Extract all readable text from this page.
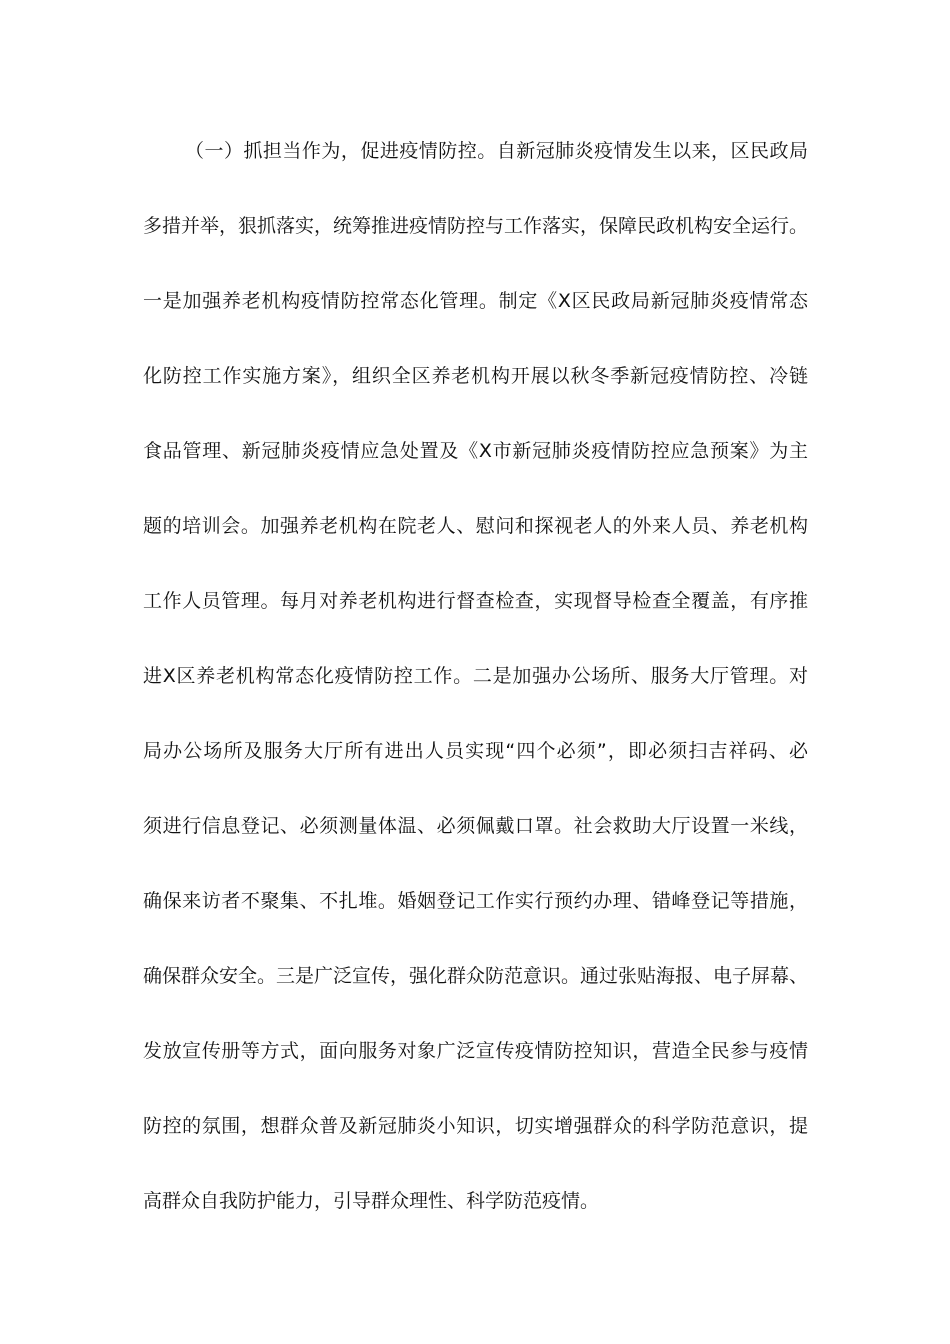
（一）抓担当作为，促进疫情防控。自新冠肺炎疫情发生以来，区民政局
多措并举，狠抓落实，统筹推进疫情防控与工作落实，保障民政机构安全运行。
一是加强养老机构疫情防控常态化管理。制定《X区民政局新冠肺炎疫情常态
化防控工作实施方案》，组织全区养老机构开展以秋冬季新冠疫情防控、冷链
食品管理、新冠肺炎疫情应急处置及《X市新冠肺炎疫情防控应急预案》为主
题的培训会。加强养老机构在院老人、慰问和探视老人的外来人员、养老机构
工作人员管理。每月对养老机构进行督查检查，实现督导检查全覆盖，有序推
进X区养老机构常态化疫情防控工作。二是加强办公场所、服务大厅管理。对
局办公场所及服务大厅所有进出人员实现“四个必须”，即必须扫吉祥码、必
须进行信息登记、必须测量体温、必须佩戴口罩。社会救助大厅设置一米线，
确保来访者不聚集、不扎堆。婚姻登记工作实行预约办理、错峰登记等措施，
确保群众安全。三是广泛宣传，强化群众防范意识。通过张贴海报、电子屏幕、
发放宣传册等方式，面向服务对象广泛宣传疫情防控知识，营造全民参与疫情
防控的氛围，想群众普及新冠肺炎小知识，切实增强群众的科学防范意识，提
高群众自我防护能力，引导群众理性、科学防范疫情。
